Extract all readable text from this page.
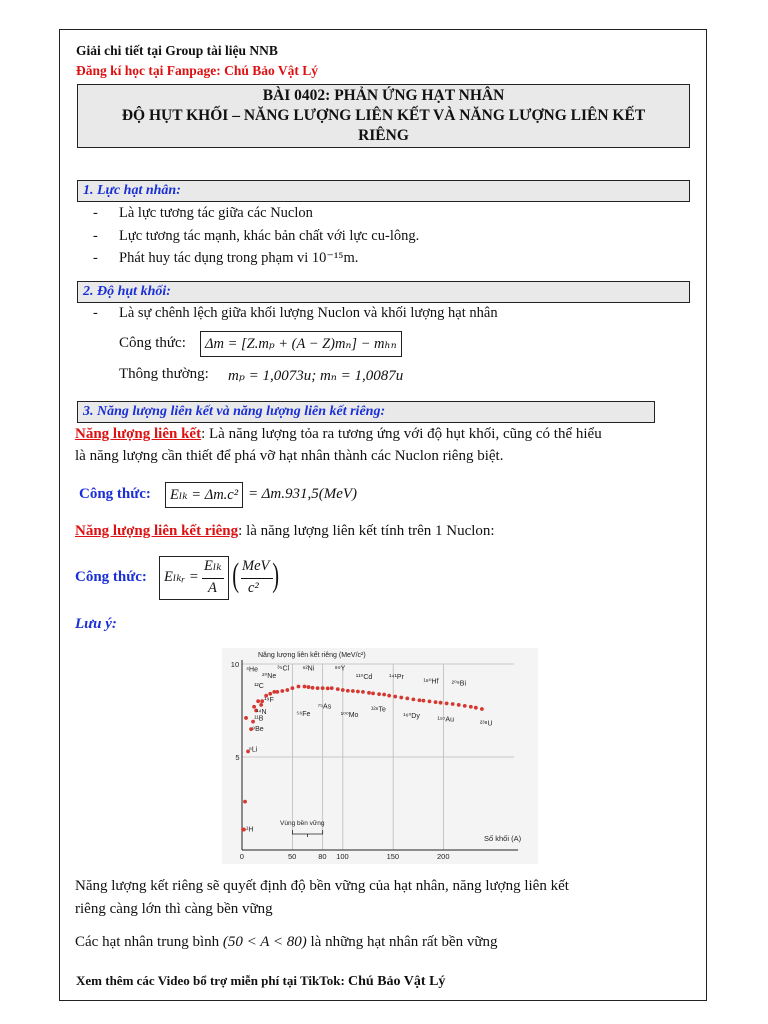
Giải chi tiết tại Group tài liệu NNB
Đăng kí học tại Fanpage: Chú Bảo Vật Lý
BÀI 0402: PHẢN ỨNG HẠT NHÂN
ĐỘ HỤT KHỐI – NĂNG LƯỢNG LIÊN KẾT VÀ NĂNG LƯỢNG LIÊN KẾT
RIÊNG
1. Lực hạt nhân:
- Là lực tương tác giữa các Nuclon
- Lực tương tác mạnh, khác bản chất với lực cu-lông.
- Phát huy tác dụng trong phạm vi 10⁻¹⁵m.
2. Độ hụt khối:
- Là sự chênh lệch giữa khối lượng Nuclon và khối lượng hạt nhân
Công thức:	Δm = [Z.mₚ + (A − Z)mₙ] − mₕₙ
Thông thường: mₚ = 1,0073u; mₙ = 1,0087u
3. Năng lượng liên kết và năng lượng liên kết riêng:
Năng lượng liên kết: Là năng lượng tỏa ra tương ứng với độ hụt khối, cũng có thể hiểu
là năng lượng cần thiết để phá vỡ hạt nhân thành các Nuclon riêng biệt.
Công thức:	Eₗₖ = Δm.c² = Δm.931,5(MeV)
Năng lượng liên kết riêng: là năng lượng liên kết tính trên 1 Nuclon:
Công thức: Eₗₖᵣ =
Eₗₖ
A ( MeV
c² )
Lưu ý:
0	50	80 100	150	200
5
10
⁴He
²⁰Ne
¹²C
¹⁴N
¹¹B
⁹Be
⁶Li
¹H
³⁵Cl ⁶²Ni	⁸⁹Y
¹¹⁰Cd ¹⁴¹Pr
¹⁸⁰Hf ²⁰⁹Bi
¹⁹F
⁵⁶Fe
⁷⁵As
¹⁰⁰Mo
¹²⁶Te
¹⁶⁰Dy
¹⁹⁷Au
²³⁸U
Năng lượng liên kết riêng (MeV/c²)
Số khối (A)
Vùng bền vững
Năng lượng kết riêng sẽ quyết định độ bền vững của hạt nhân, năng lượng liên kết
riêng càng lớn thì càng bền vững
Các hạt nhân trung bình (50 < A < 80) là những hạt nhân rất bền vững
Xem thêm các Video bổ trợ miễn phí tại TikTok: Chú Bảo Vật Lý
